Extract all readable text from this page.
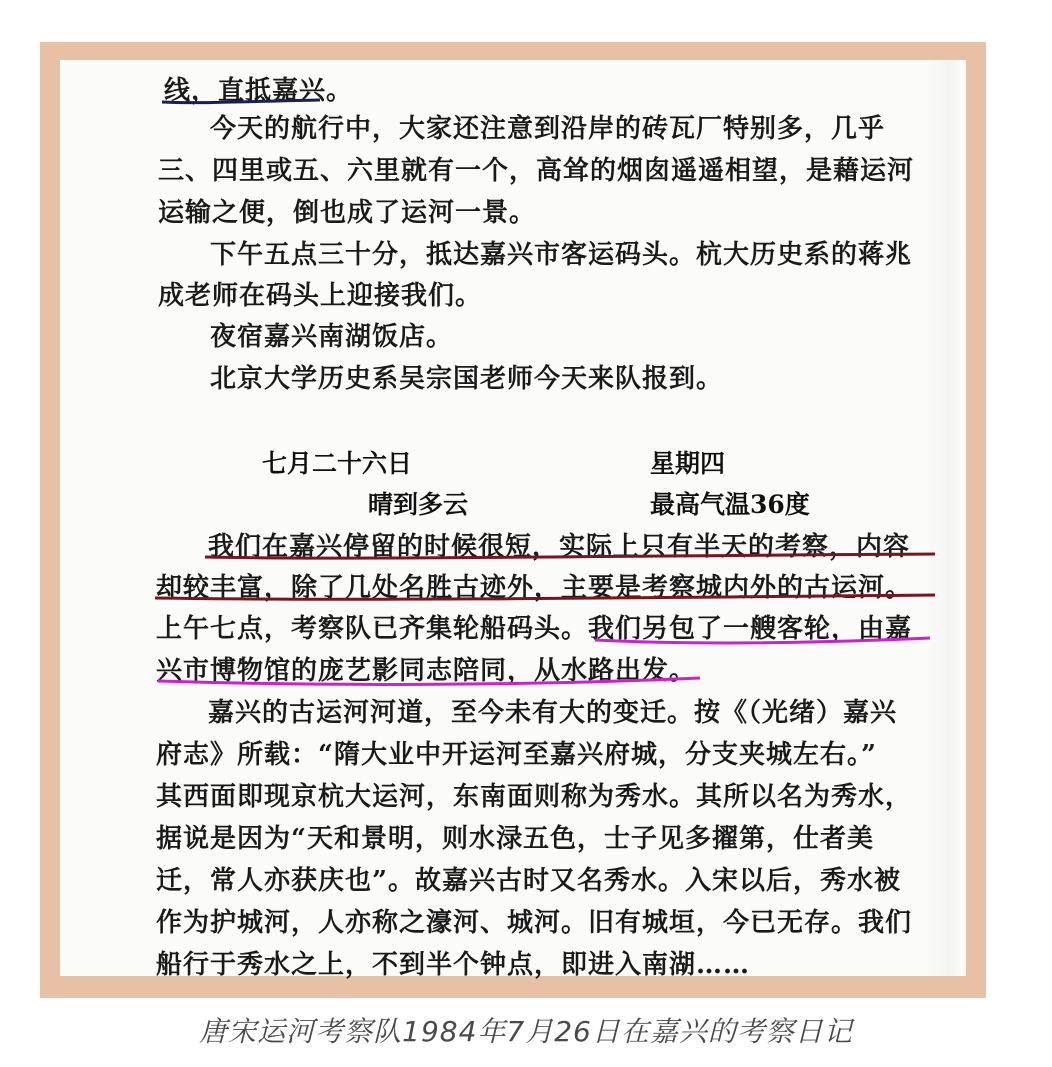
线，直抵嘉兴。
今天的航行中，大家还注意到沿岸的砖瓦厂特别多，几乎
三、四里或五、六里就有一个，高耸的烟囱遥遥相望，是藉运河
运输之便，倒也成了运河一景。
下午五点三十分，抵达嘉兴市客运码头。杭大历史系的蒋兆
成老师在码头上迎接我们。
夜宿嘉兴南湖饭店。
北京大学历史系吴宗国老师今天来队报到。
七月二十六日	星期四
晴到多云	最高气温36度
我们在嘉兴停留的时候很短，实际上只有半天的考察，内容
却较丰富，除了几处名胜古迹外，主要是考察城内外的古运河。
上午七点，考察队已齐集轮船码头。我们另包了一艘客轮，由嘉
兴市博物馆的庞艺影同志陪同，从水路出发。
嘉兴的古运河河道，至今未有大的变迁。按《（光绪）嘉兴
府志》所载：“隋大业中开运河至嘉兴府城，分支夹城左右。”
其西面即现京杭大运河，东南面则称为秀水。其所以名为秀水，
据说是因为“天和景明，则水渌五色，士子见多擢第，仕者美
迁，常人亦获庆也”。故嘉兴古时又名秀水。入宋以后，秀水被
作为护城河，人亦称之濠河、城河。旧有城垣，今已无存。我们
船行于秀水之上，不到半个钟点，即进入南湖……
唐宋运河考察队1984年7月26日在嘉兴的考察日记
